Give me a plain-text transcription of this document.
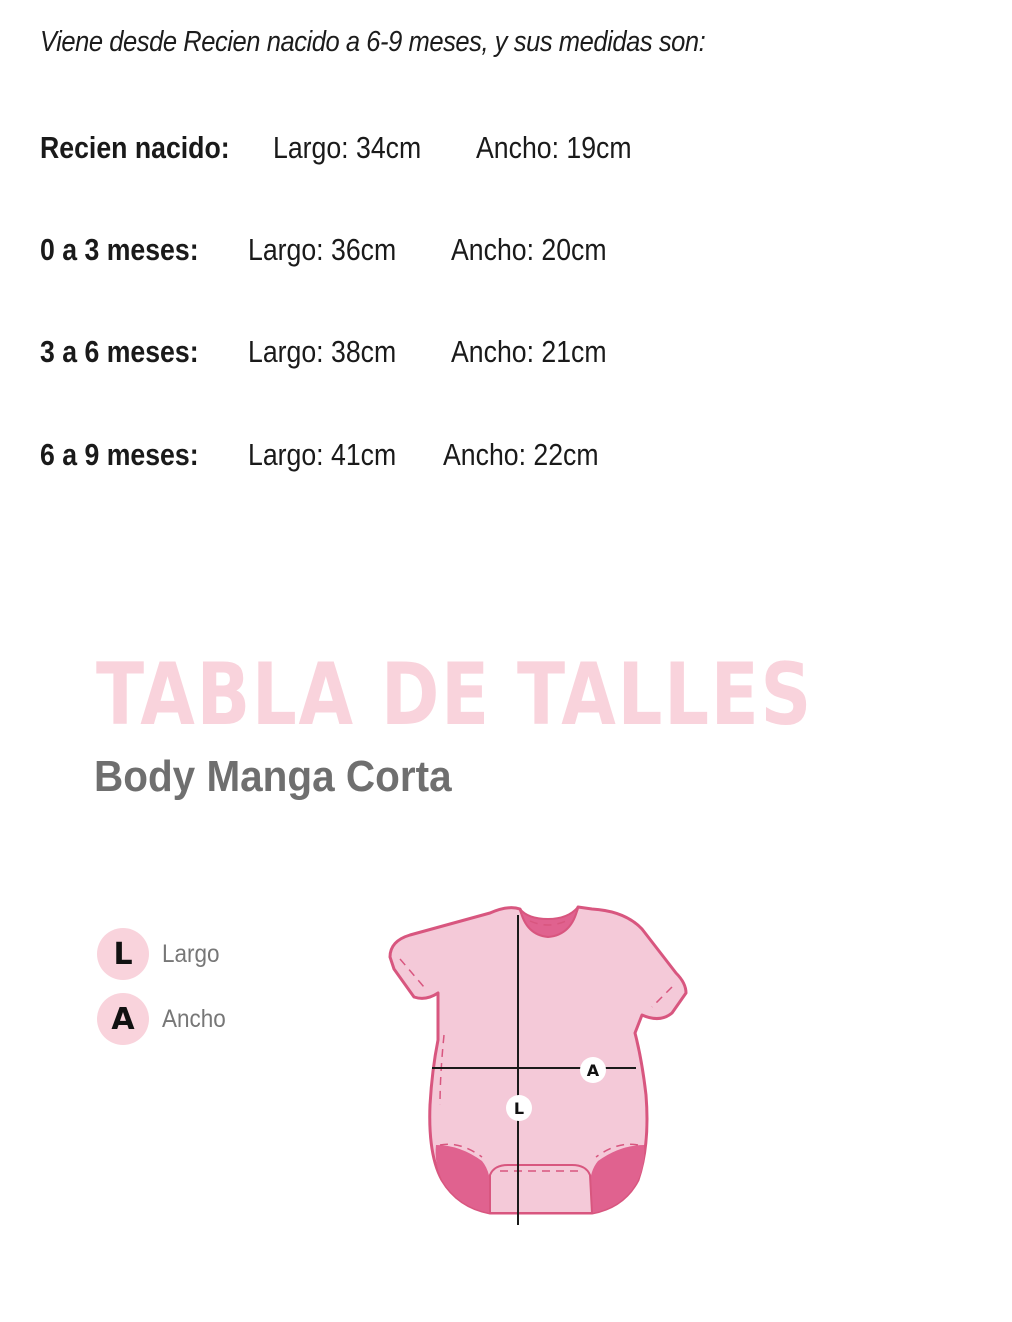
Viene desde Recien nacido a 6-9 meses, y sus medidas son:
Recien nacido: Largo: 34cm Ancho: 19cm
0 a 3 meses: Largo: 36cm Ancho: 20cm
3 a 6 meses: Largo: 38cm Ancho: 21cm
6 a 9 meses: Largo: 41cm Ancho: 22cm
TABLA DE TALLES
Body Manga Corta
L	Largo
A	Ancho
A
L
